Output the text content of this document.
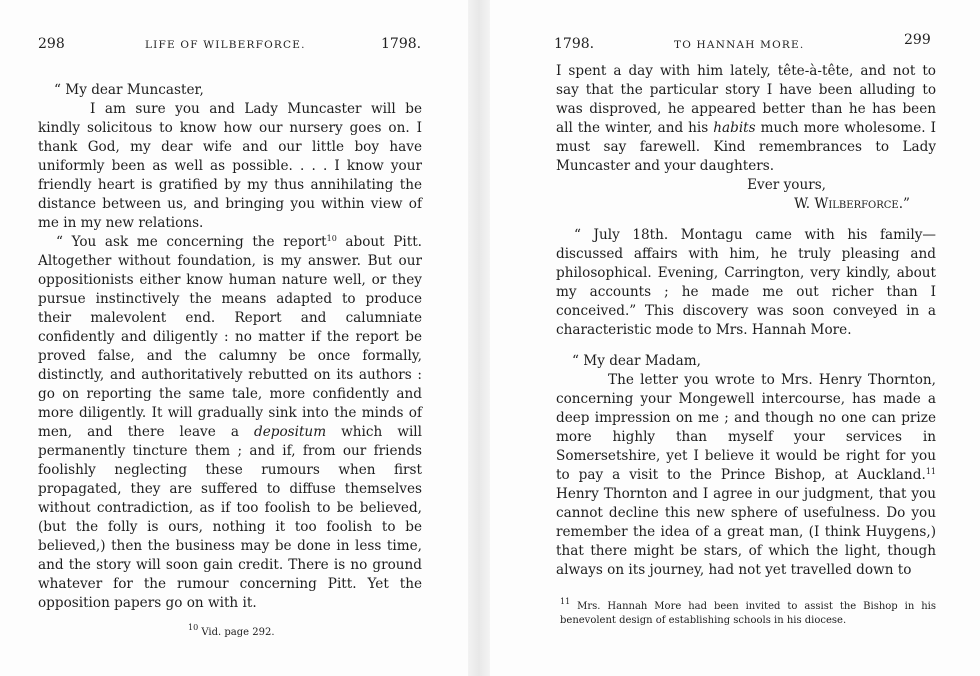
298	LIFE OF WILBERFORCE.	1798.

“ My dear Muncaster,

I am sure you and Lady Muncaster will be kindly solicitous to know how our nursery goes on. I thank God, my dear wife and our little boy have uniformly been as well as possible. . . . I know your friendly heart is gratified by my thus annihilating the distance between us, and bringing you within view of me in my new relations.

“ You ask me concerning the report$^{10}$ about Pitt. Altogether without foundation, is my answer. But our oppositionists either know human nature well, or they pursue instinctively the means adapted to produce their malevolent end. Report and calumniate confidently and diligently : no matter if the report be proved false, and the calumny be once formally, distinctly, and authoritatively rebutted on its authors : go on reporting the same tale, more confidently and more diligently. It will gradually sink into the minds of men, and there leave a depositum which will permanently tincture them ; and if, from our friends foolishly neglecting these rumours when first propagated, they are suffered to diffuse themselves without contradiction, as if too foolish to be believed, (but the folly is ours, nothing it too foolish to be believed,) then the business may be done in less time, and the story will soon gain credit. There is no ground whatever for the rumour concerning Pitt. Yet the opposition papers go on with it.

$^{10}$ Vid. page 292.
1798.	TO HANNAH MORE.	299

I spent a day with him lately, tête-à-tête, and not to say that the particular story I have been alluding to was disproved, he appeared better than he has been all the winter, and his habits much more wholesome. I must say farewell. Kind remembrances to Lady Muncaster and your daughters.

Ever yours,

W. Wilberforce.”

“ July 18th. Montagu came with his family—discussed affairs with him, he truly pleasing and philosophical. Evening, Carrington, very kindly, about my accounts ; he made me out richer than I conceived.” This discovery was soon conveyed in a characteristic mode to Mrs. Hannah More.

“ My dear Madam,

The letter you wrote to Mrs. Henry Thornton, concerning your Mongewell intercourse, has made a deep impression on me ; and though no one can prize more highly than myself your services in Somersetshire, yet I believe it would be right for you to pay a visit to the Prince Bishop, at Auckland.$^{11}$ Henry Thornton and I agree in our judgment, that you cannot decline this new sphere of usefulness. Do you remember the idea of a great man, (I think Huygens,) that there might be stars, of which the light, though always on its journey, had not yet travelled down to

$^{11}$ Mrs. Hannah More had been invited to assist the Bishop in his benevolent design of establishing schools in his diocese.
